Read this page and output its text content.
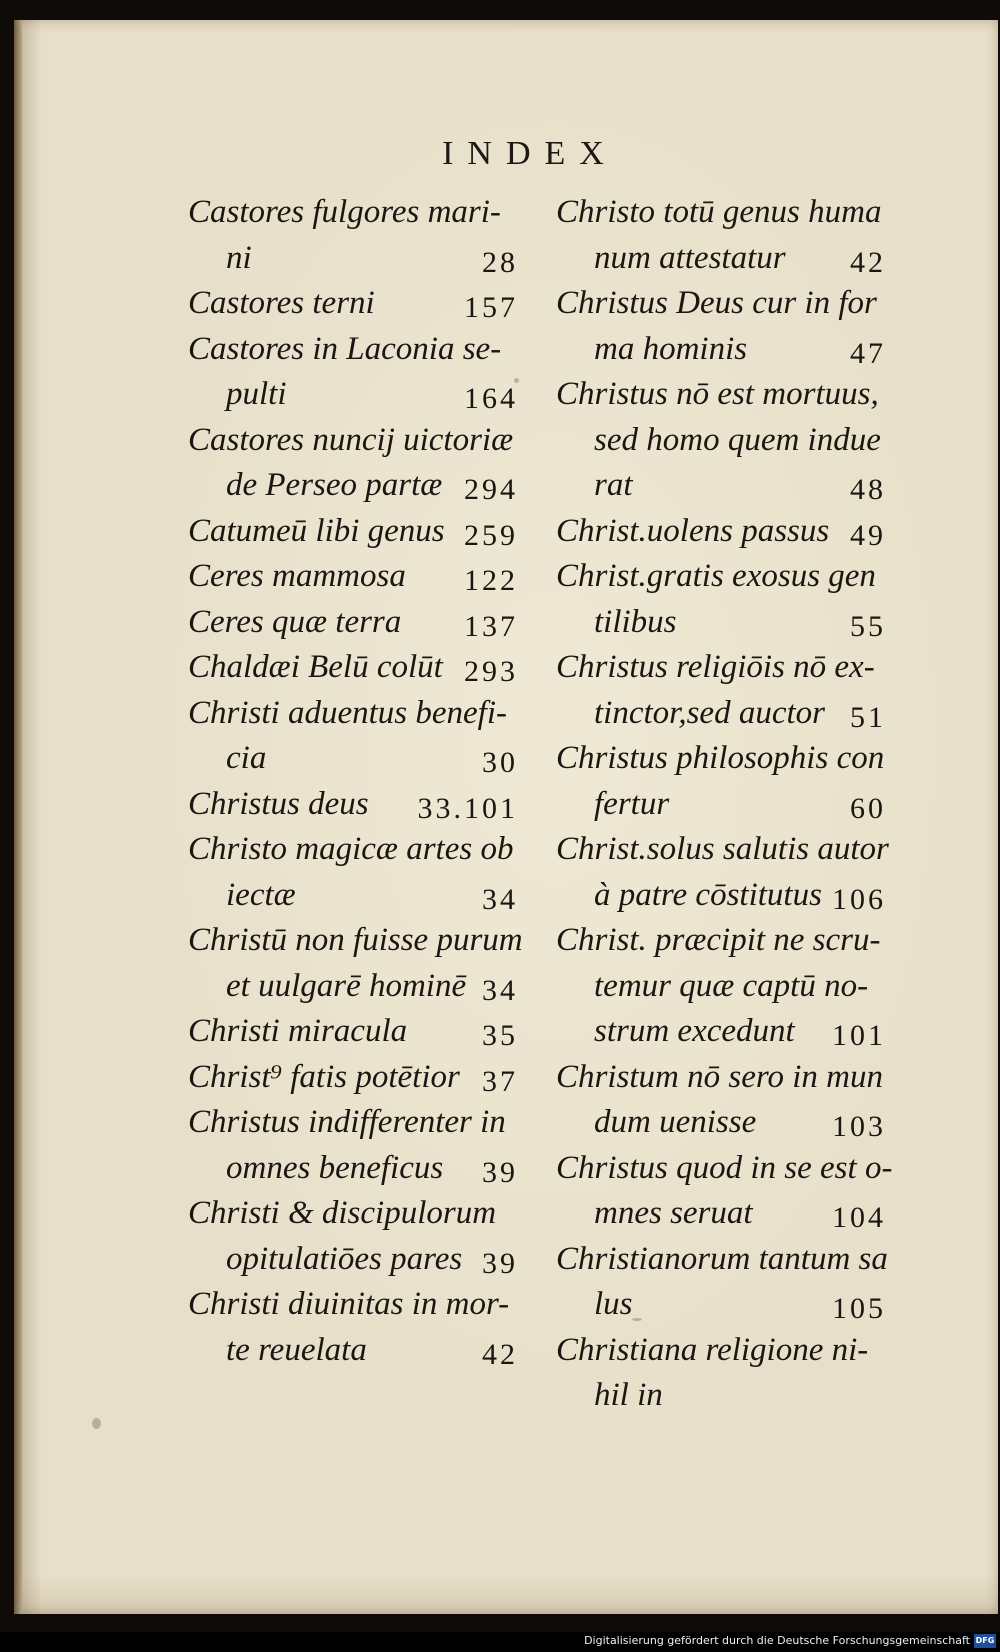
INDEX
Castores fulgores mari-
ni	28
Castores terni	157
Castores in Laconia se-
pulti	164
Castores nuncij uictoriæ
de Perseo partæ 294
Catumeū libi genus 259
Ceres mammosa 122
Ceres quæ terra 137
Chaldæi Belū colūt 293
Christi aduentus benefi-
cia	30
Christus deus 33.101
Christo magicæ artes ob
iectæ	34
Christū non fuisse purum
et uulgarē hominē 34
Christi miracula 35
Christ⁹ fatis potētior 37
Christus indifferenter in
omnes beneficus 39
Christi & discipulorum
opitulatiōes pares 39
Christi diuinitas in mor-
te reuelata	42
Christo totū genus huma
num attestatur 42
Christus Deus cur in for
ma hominis	47
Christus nō est mortuus,
sed homo quem indue
rat	48
Christ.uolens passus 49
Christ.gratis exosus gen
tilibus	55
Christus religiōis nō ex-
tinctor,sed auctor 51
Christus philosophis con
fertur	60
Christ.solus salutis autor
à patre cōstitutus 106
Christ. præcipit ne scru-
temur quæ captū no-
strum excedunt 101
Christum nō sero in mun
dum uenisse	103
Christus quod in se est o-
mnes seruat	104
Christianorum tantum sa
lus	105
Christiana religione ni-
hil in
Digitalisierung gefördert durch die Deutsche Forschungsgemeinschaft DFG
